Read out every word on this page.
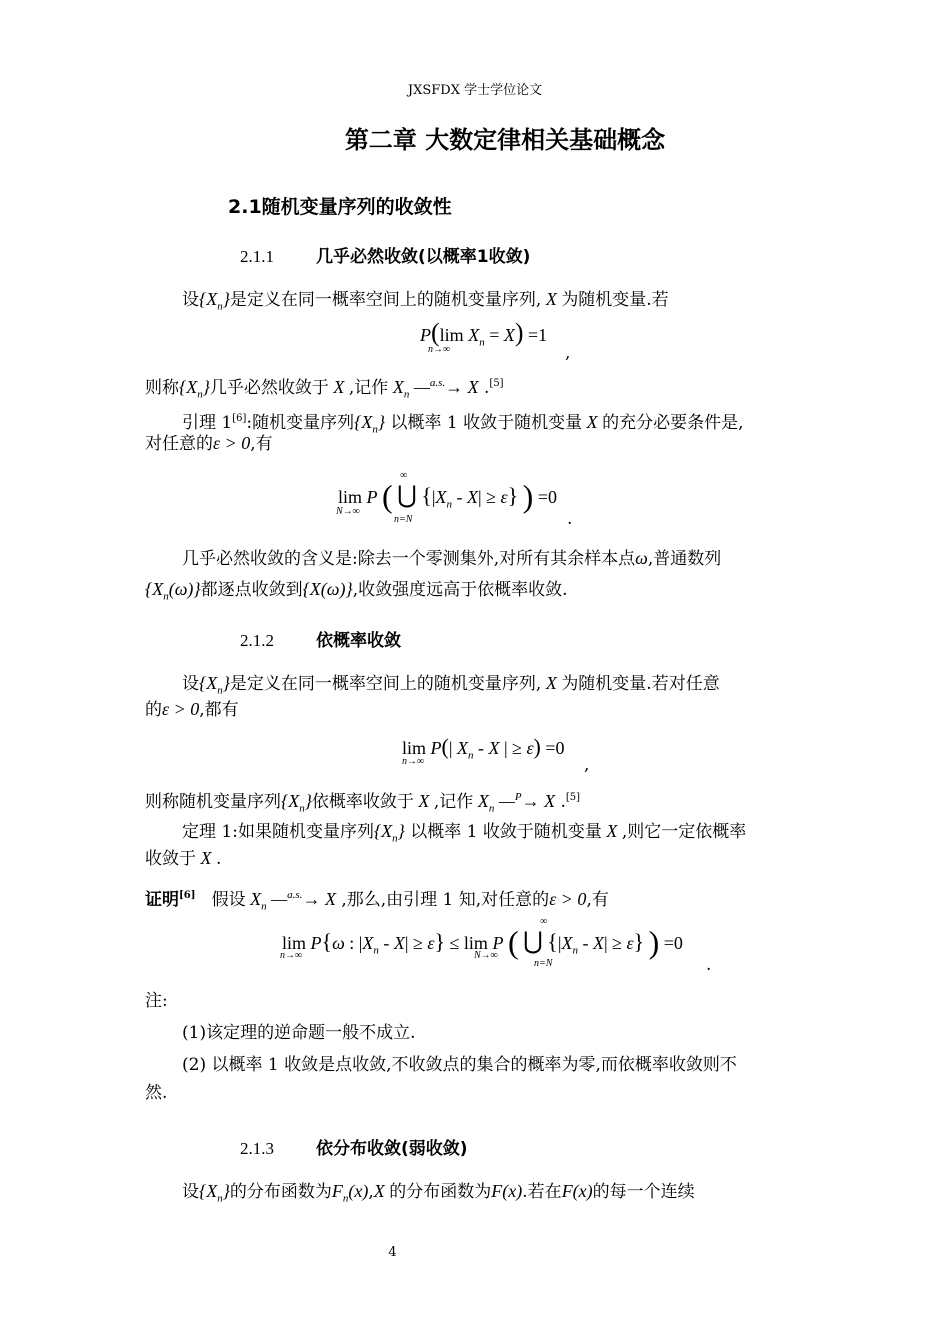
JXSFDX 学士学位论文
第二章 大数定律相关基础概念
2.1随机变量序列的收敛性
2.1.1 几乎必然收敛(以概率1收敛)
设$\{X_n\}$是定义在同一概率空间上的随机变量序列, X 为随机变量.若
P(lim $X_n = X) =1$
n→∞	,
则称$\{X_n\}$几乎必然收敛于 X ,记作 $X_n$ —$^{a.s.}$→ X .[5]
引理 1[6]:随机变量序列$\{X_n\}$ 以概率 1 收敛于随机变量 X 的充分必要条件是,
对任意的ε > 0,有
lim P ( ⋃ $\{|X_n - X| \ge \varepsilon\}$ ) =0
N→∞
∞
n=N	.
几乎必然收敛的含义是:除去一个零测集外,对所有其余样本点ω,普通数列
$\{X_n(\omega)\}$都逐点收敛到{X(ω)},收敛强度远高于依概率收敛.
2.1.2 依概率收敛
设$\{X_n\}$是定义在同一概率空间上的随机变量序列, X 为随机变量.若对任意
的ε > 0,都有
lim P(| $X_n$ - X | ≥ ε) =0
n→∞	,
则称随机变量序列$\{X_n\}$依概率收敛于 X ,记作 $X_n$ —$^P$→ X .[5]
定理 1:如果随机变量序列$\{X_n\}$ 以概率 1 收敛于随机变量 X ,则它一定依概率
收敛于 X .
证明[6] 假设 $X_n$ —$^{a.s.}$→ X ,那么,由引理 1 知,对任意的ε > 0,有
lim P{ω : $|X_n - X| \ge \varepsilon\} \le \lim P$ ( ⋃ $\{|X_n - X| \ge \varepsilon\}$ ) =0
n→∞	N→∞
∞
n=N	.
注:
(1)该定理的逆命题一般不成立.
(2) 以概率 1 收敛是点收敛,不收敛点的集合的概率为零,而依概率收敛则不
然.
2.1.3 依分布收敛(弱收敛)
设$\{X_n\}$的分布函数为$F_n(x),X$ 的分布函数为F(x).若在F(x)的每一个连续
4
